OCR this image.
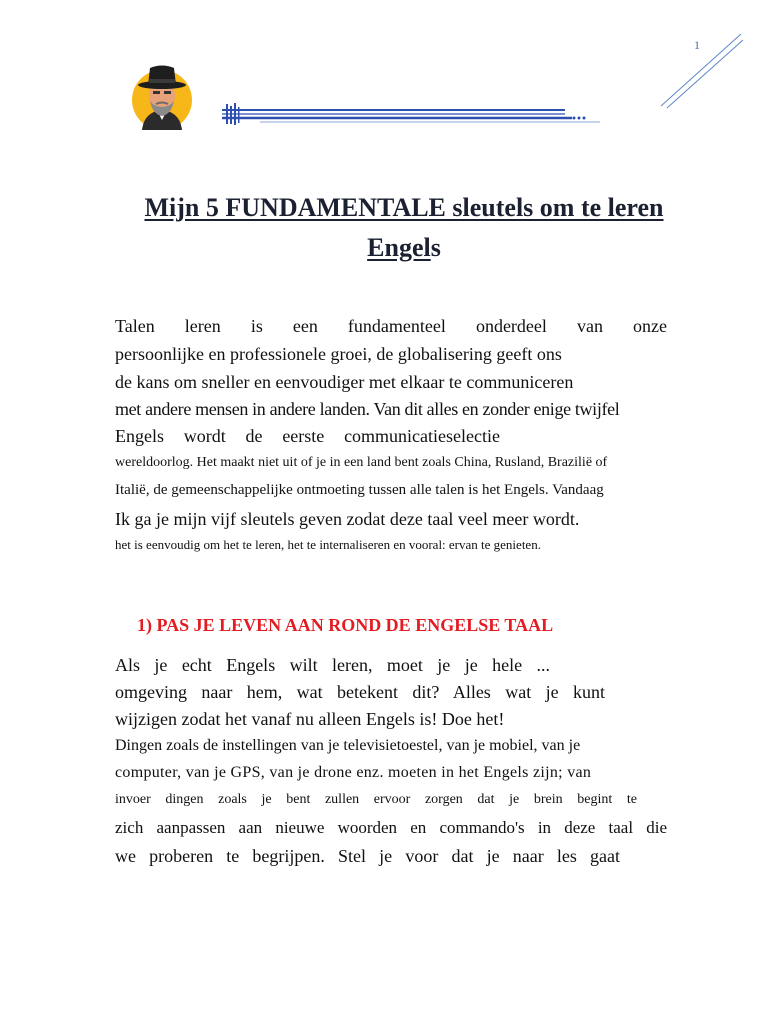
1
Mijn 5 FUNDAMENTALE sleutels om te leren
Engels

Talen leren is een fundamenteel onderdeel van onze

persoonlijke en professionele groei, de globalisering geeft ons

de kans om sneller en eenvoudiger met elkaar te communiceren

met andere mensen in andere landen. Van dit alles en zonder enige twijfel

Engels wordt de eerste communicatieselectie

wereldoorlog. Het maakt niet uit of je in een land bent zoals China, Rusland, Brazilië of

Italië, de gemeenschappelijke ontmoeting tussen alle talen is het Engels. Vandaag

Ik ga je mijn vijf sleutels geven zodat deze taal veel meer wordt.

het is eenvoudig om het te leren, het te internaliseren en vooral: ervan te genieten.

1) PAS JE LEVEN AAN ROND DE ENGELSE TAAL

Als je echt Engels wilt leren, moet je je hele ...

omgeving naar hem, wat betekent dit? Alles wat je kunt

wijzigen zodat het vanaf nu alleen Engels is! Doe het!

Dingen zoals de instellingen van je televisietoestel, van je mobiel, van je

computer, van je GPS, van je drone enz. moeten in het Engels zijn; van

invoer dingen zoals je bent zullen ervoor zorgen dat je brein begint te

zich aanpassen aan nieuwe woorden en commando's in deze taal die

we proberen te begrijpen. Stel je voor dat je naar les gaat
